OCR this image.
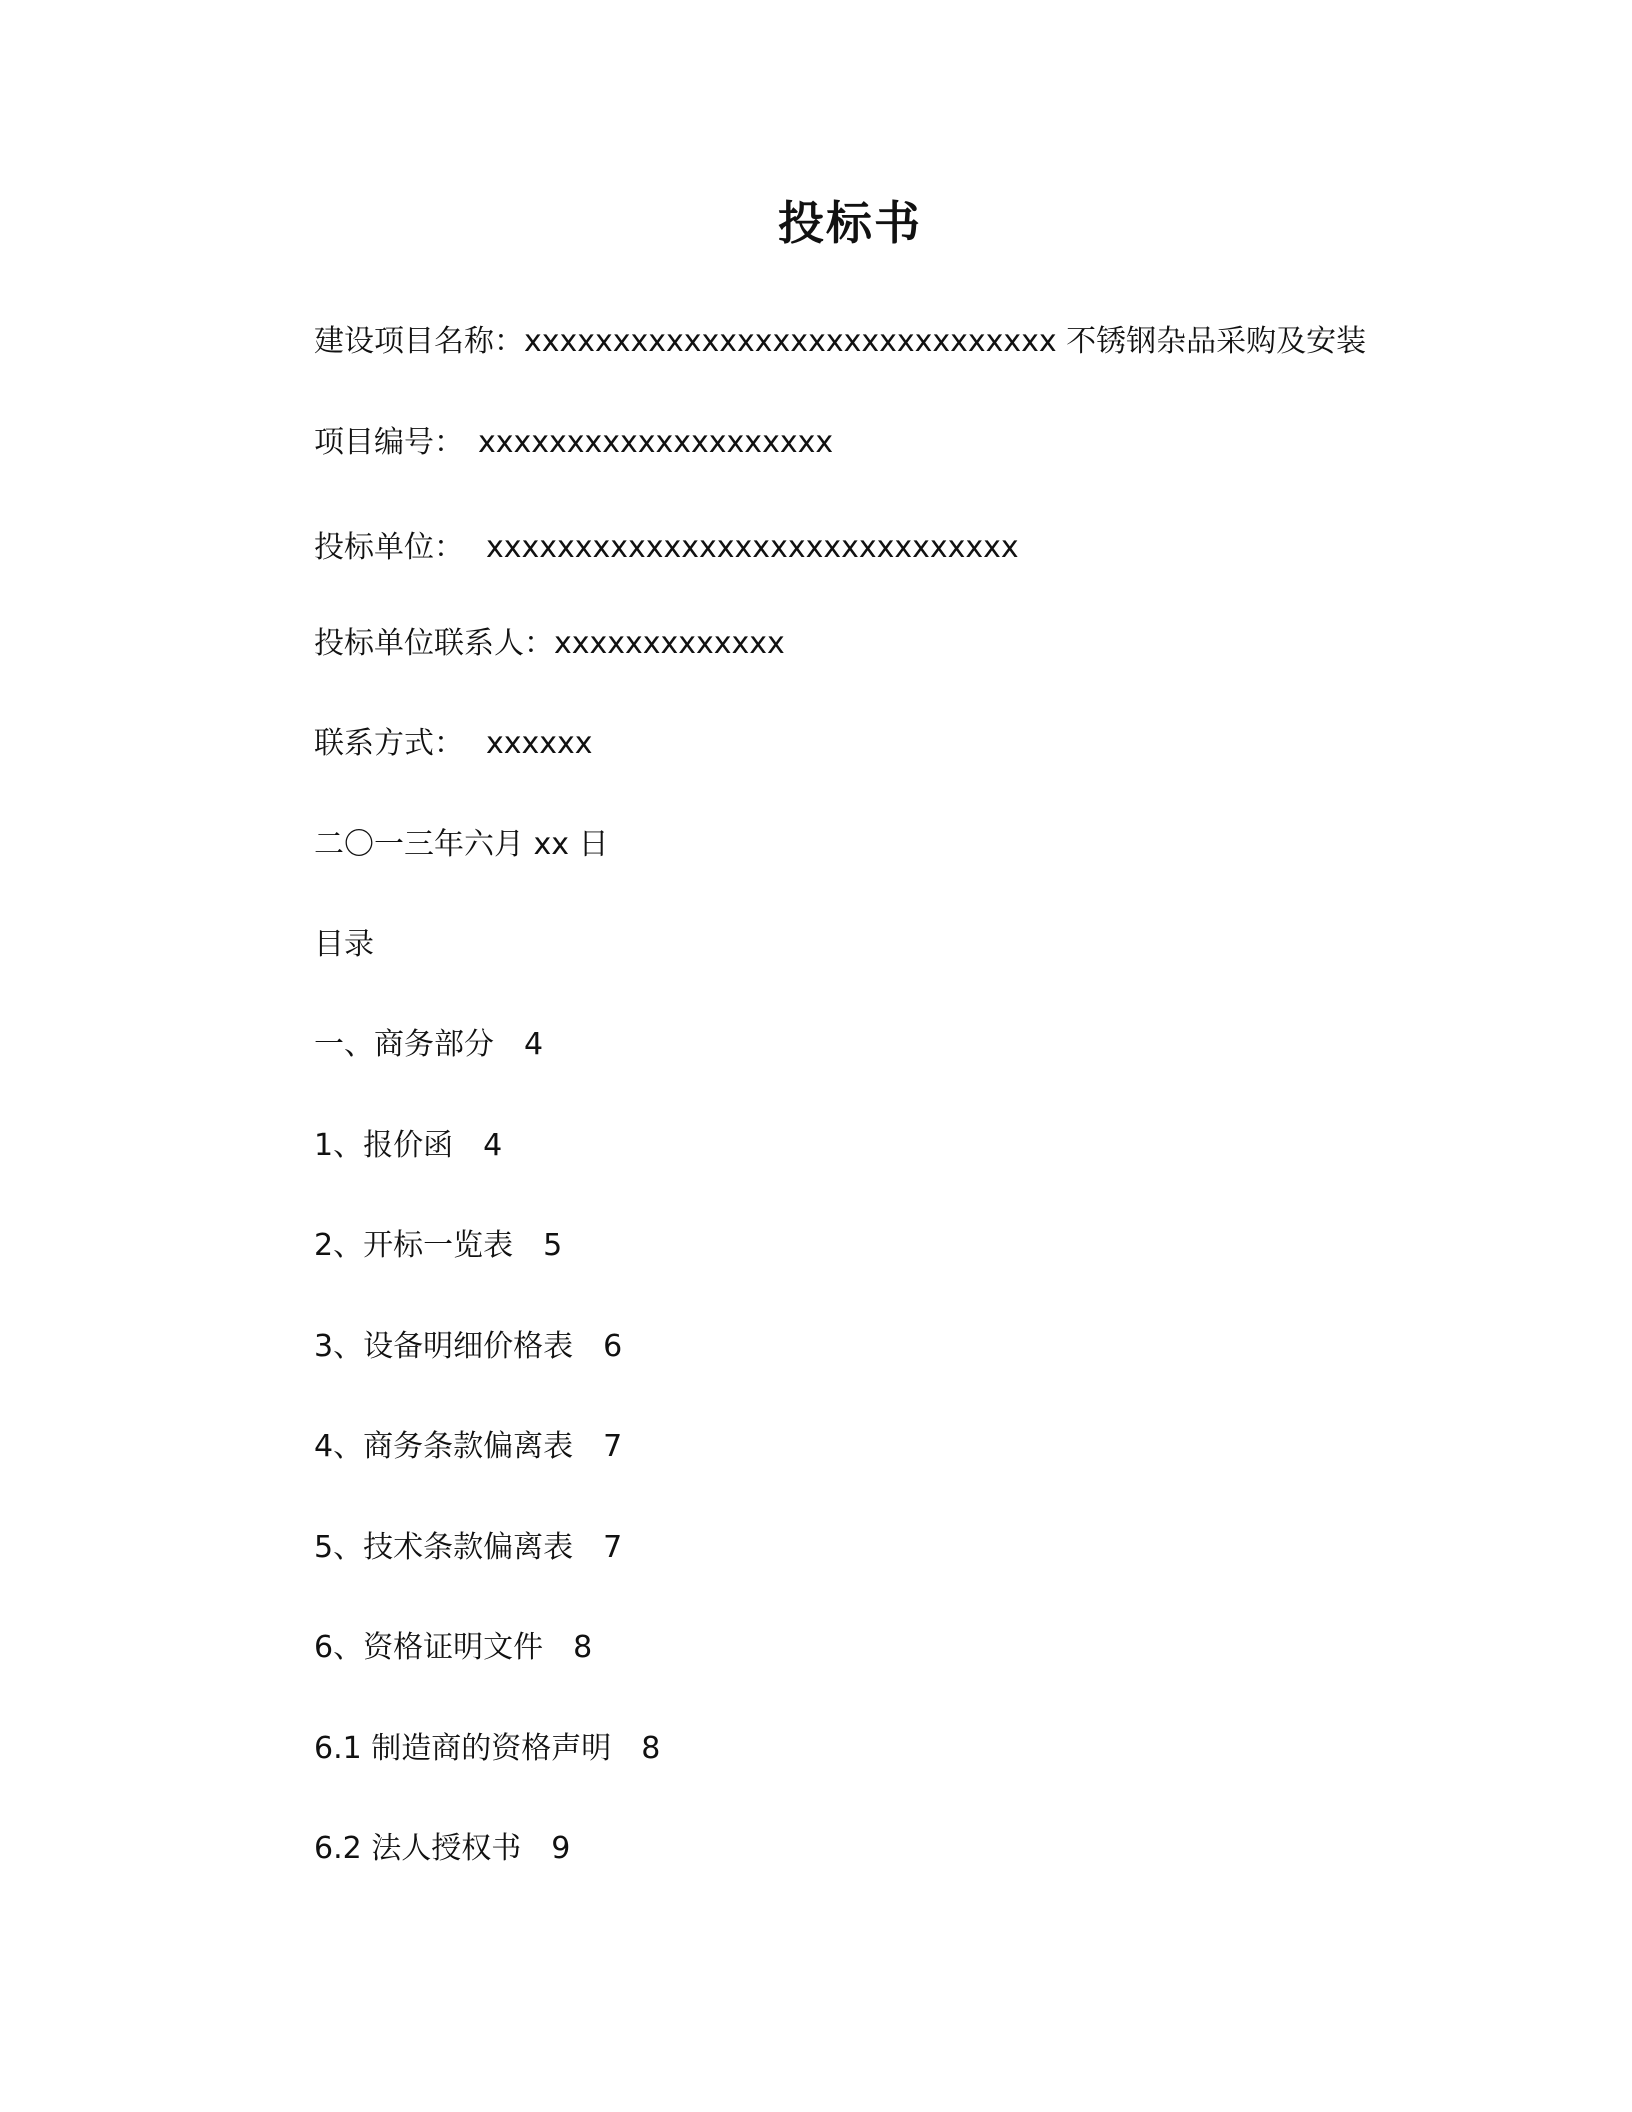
投标书
建设项目名称：xxxxxxxxxxxxxxxxxxxxxxxxxxxxxx 不锈钢杂品采购及安装
项目编号： xxxxxxxxxxxxxxxxxxxx
投标单位： xxxxxxxxxxxxxxxxxxxxxxxxxxxxxx
投标单位联系人：xxxxxxxxxxxxx
联系方式： xxxxxx
二〇一三年六月 xx 日
目录
一、商务部分 4
1、报价函 4
2、开标一览表 5
3、设备明细价格表 6
4、商务条款偏离表 7
5、技术条款偏离表 7
6、资格证明文件 8
6.1 制造商的资格声明 8
6.2 法人授权书 9
